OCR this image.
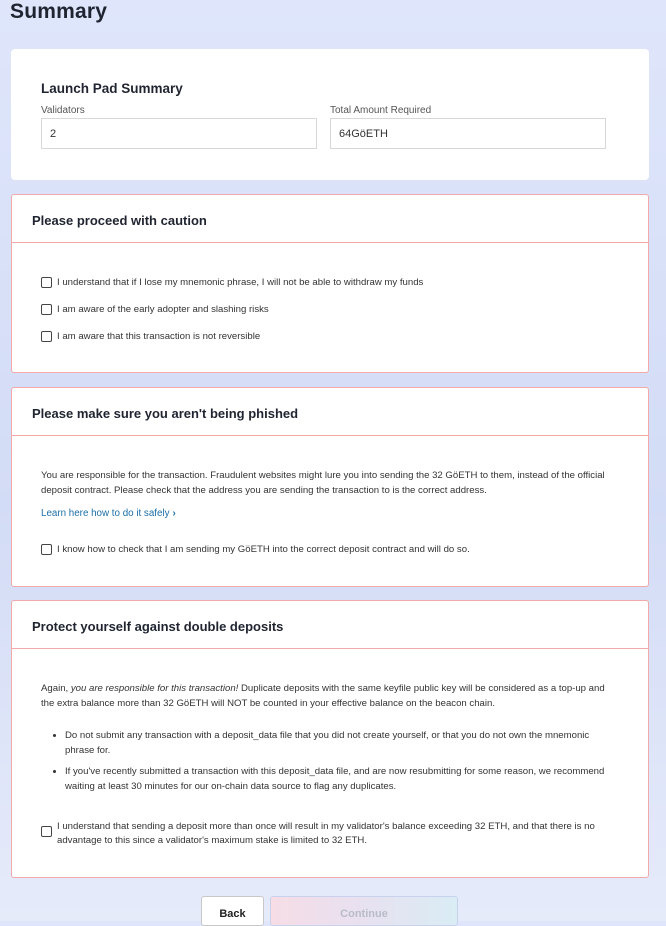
Summary
Launch Pad Summary
Validators
2
Total Amount Required
64GöETH
Please proceed with caution
I understand that if I lose my mnemonic phrase, I will not be able to withdraw my funds
I am aware of the early adopter and slashing risks
I am aware that this transaction is not reversible
Please make sure you aren't being phished
You are responsible for the transaction. Fraudulent websites might lure you into sending the 32 GöETH to them, instead of the official deposit contract. Please check that the address you are sending the transaction to is the correct address.
Learn here how to do it safely ›
I know how to check that I am sending my GöETH into the correct deposit contract and will do so.
Protect yourself against double deposits
Again, you are responsible for this transaction! Duplicate deposits with the same keyfile public key will be considered as a top-up and the extra balance more than 32 GöETH will NOT be counted in your effective balance on the beacon chain.
• Do not submit any transaction with a deposit_data file that you did not create yourself, or that you do not own the mnemonic phrase for.
• If you've recently submitted a transaction with this deposit_data file, and are now resubmitting for some reason, we recommend waiting at least 30 minutes for our on-chain data source to flag any duplicates.
I understand that sending a deposit more than once will result in my validator's balance exceeding 32 ETH, and that there is no advantage to this since a validator's maximum stake is limited to 32 ETH.
Back	Continue
